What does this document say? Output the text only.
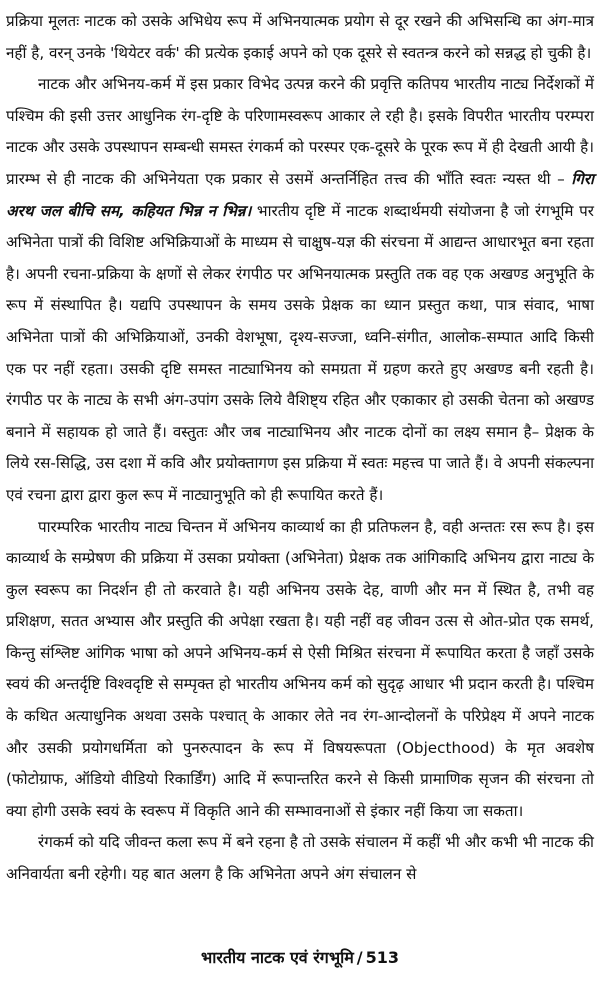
प्रक्रिया मूलतः नाटक को उसके अभिधेय रूप में अभिनयात्मक प्रयोग से दूर रखने की अभिसन्धि का अंग-मात्र नहीं है, वरन् उनके 'थियेटर वर्क' की प्रत्येक इकाई अपने को एक दूसरे से स्वतन्त्र करने को सन्नद्ध हो चुकी है।

नाटक और अभिनय-कर्म में इस प्रकार विभेद उत्पन्न करने की प्रवृत्ति कतिपय भारतीय नाट्य निर्देशकों में पश्चिम की इसी उत्तर आधुनिक रंग-दृष्टि के परिणामस्वरूप आकार ले रही है। इसके विपरीत भारतीय परम्परा नाटक और उसके उपस्थापन सम्बन्धी समस्त रंगकर्म को परस्पर एक-दूसरे के पूरक रूप में ही देखती आयी है। प्रारम्भ से ही नाटक की अभिनेयता एक प्रकार से उसमें अन्तर्निहित तत्त्व की भाँति स्वतः न्यस्त थी – गिरा अरथ जल बीचि सम, कहियत भिन्न न भिन्न। भारतीय दृष्टि में नाटक शब्दार्थमयी संयोजना है जो रंगभूमि पर अभिनेता पात्रों की विशिष्ट अभिक्रियाओं के माध्यम से चाक्षुष-यज्ञ की संरचना में आद्यन्त आधारभूत बना रहता है। अपनी रचना-प्रक्रिया के क्षणों से लेकर रंगपीठ पर अभिनयात्मक प्रस्तुति तक वह एक अखण्ड अनुभूति के रूप में संस्थापित है। यद्यपि उपस्थापन के समय उसके प्रेक्षक का ध्यान प्रस्तुत कथा, पात्र संवाद, भाषा अभिनेता पात्रों की अभिक्रियाओं, उनकी वेशभूषा, दृश्य-सज्जा, ध्वनि-संगीत, आलोक-सम्पात आदि किसी एक पर नहीं रहता। उसकी दृष्टि समस्त नाट्याभिनय को समग्रता में ग्रहण करते हुए अखण्ड बनी रहती है। रंगपीठ पर के नाट्य के सभी अंग-उपांग उसके लिये वैशिष्ट्य रहित और एकाकार हो उसकी चेतना को अखण्ड बनाने में सहायक हो जाते हैं। वस्तुतः और जब नाट्याभिनय और नाटक दोनों का लक्ष्य समान है– प्रेक्षक के लिये रस-सिद्धि, उस दशा में कवि और प्रयोक्तागण इस प्रक्रिया में स्वतः महत्त्व पा जाते हैं। वे अपनी संकल्पना एवं रचना द्वारा द्वारा कुल रूप में नाट्यानुभूति को ही रूपायित करते हैं।

पारम्परिक भारतीय नाट्य चिन्तन में अभिनय काव्यार्थ का ही प्रतिफलन है, वही अन्ततः रस रूप है। इस काव्यार्थ के सम्प्रेषण की प्रक्रिया में उसका प्रयोक्ता (अभिनेता) प्रेक्षक तक आंगिकादि अभिनय द्वारा नाट्य के कुल स्वरूप का निदर्शन ही तो करवाते है। यही अभिनय उसके देह, वाणी और मन में स्थित है, तभी वह प्रशिक्षण, सतत अभ्यास और प्रस्तुति की अपेक्षा रखता है। यही नहीं वह जीवन उत्स से ओत-प्रोत एक समर्थ, किन्तु संश्लिष्ट आंगिक भाषा को अपने अभिनय-कर्म से ऐसी मिश्रित संरचना में रूपायित करता है जहाँ उसके स्वयं की अन्तर्दृष्टि विश्वदृष्टि से सम्पृक्त हो भारतीय अभिनय कर्म को सुदृढ़ आधार भी प्रदान करती है। पश्चिम के कथित अत्याधुनिक अथवा उसके पश्चात् के आकार लेते नव रंग-आन्दोलनों के परिप्रेक्ष्य में अपने नाटक और उसकी प्रयोगधर्मिता को पुनरुत्पादन के रूप में विषयरूपता (Objecthood) के मृत अवशेष (फोटोग्राफ, ऑडियो वीडियो रिकार्डिंग) आदि में रूपान्तरित करने से किसी प्रामाणिक सृजन की संरचना तो क्या होगी उसके स्वयं के स्वरूप में विकृति आने की सम्भावनाओं से इंकार नहीं किया जा सकता।

रंगकर्म को यदि जीवन्त कला रूप में बने रहना है तो उसके संचालन में कहीं भी और कभी भी नाटक की अनिवार्यता बनी रहेगी। यह बात अलग है कि अभिनेता अपने अंग संचालन से

भारतीय नाटक एवं रंगभूमि / 513
